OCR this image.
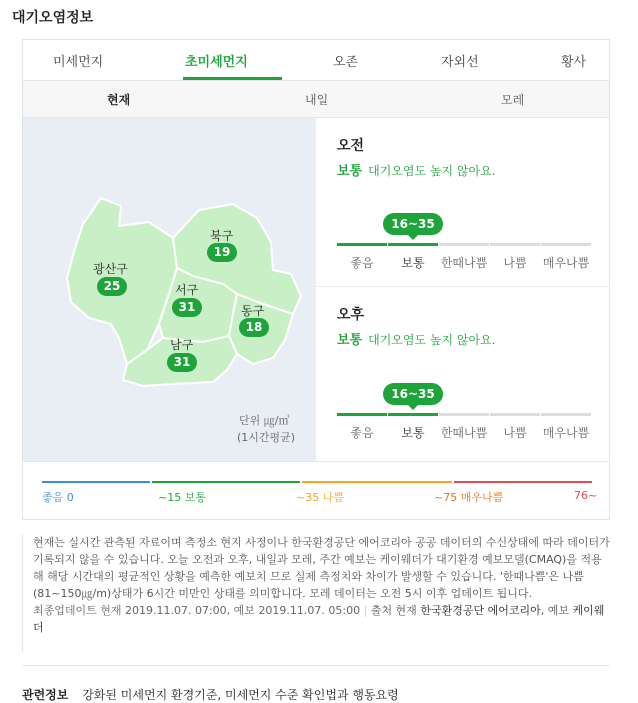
대기오염정보
미세먼지	초미세먼지	오존	자외선	황사
현재	내일	모레
북구
19
광산구
25	서구
31	동구
18
남구
31
단위 ㎍/㎥
(1시간평균)
오전
보통 대기오염도 높지 않아요.
16~35
좋음	보통	한때나쁨	나쁨	매우나쁨
오후
보통 대기오염도 높지 않아요.
16~35
좋음	보통	한때나쁨	나쁨	매우나쁨
좋음 0	~15 보통	~35 나쁨	~75 매우나쁨	76~

현재는 실시간 관측된 자료이며 측정소 현지 사정이나 한국환경공단 에어코리아 공공 데이터의 수신상태에 따라 데이터가 기록되지 않을 수 있습니다. 오늘 오전과 오후, 내일과 모레, 주간 예보는 케이웨더가 대기환경 예보모델(CMAQ)을 적용해 해당 시간대의 평균적인 상황을 예측한 예보치 므로 실제 측정치와 차이가 발생할 수 있습니다. '한때나쁨'은 나쁨(81~150㎍/m)상태가 6시간 미만인 상태를 의미합니다. 모레 데이터는 오전 5시 이후 업데이트 됩니다.

최종업데이트 현재 2019.11.07. 07:00, 예보 2019.11.07. 05:00 | 출처 현재 한국환경공단 에어코리아, 예보 케이웨더

관련정보 강화된 미세먼지 환경기준, 미세먼지 수준 확인법과 행동요령
